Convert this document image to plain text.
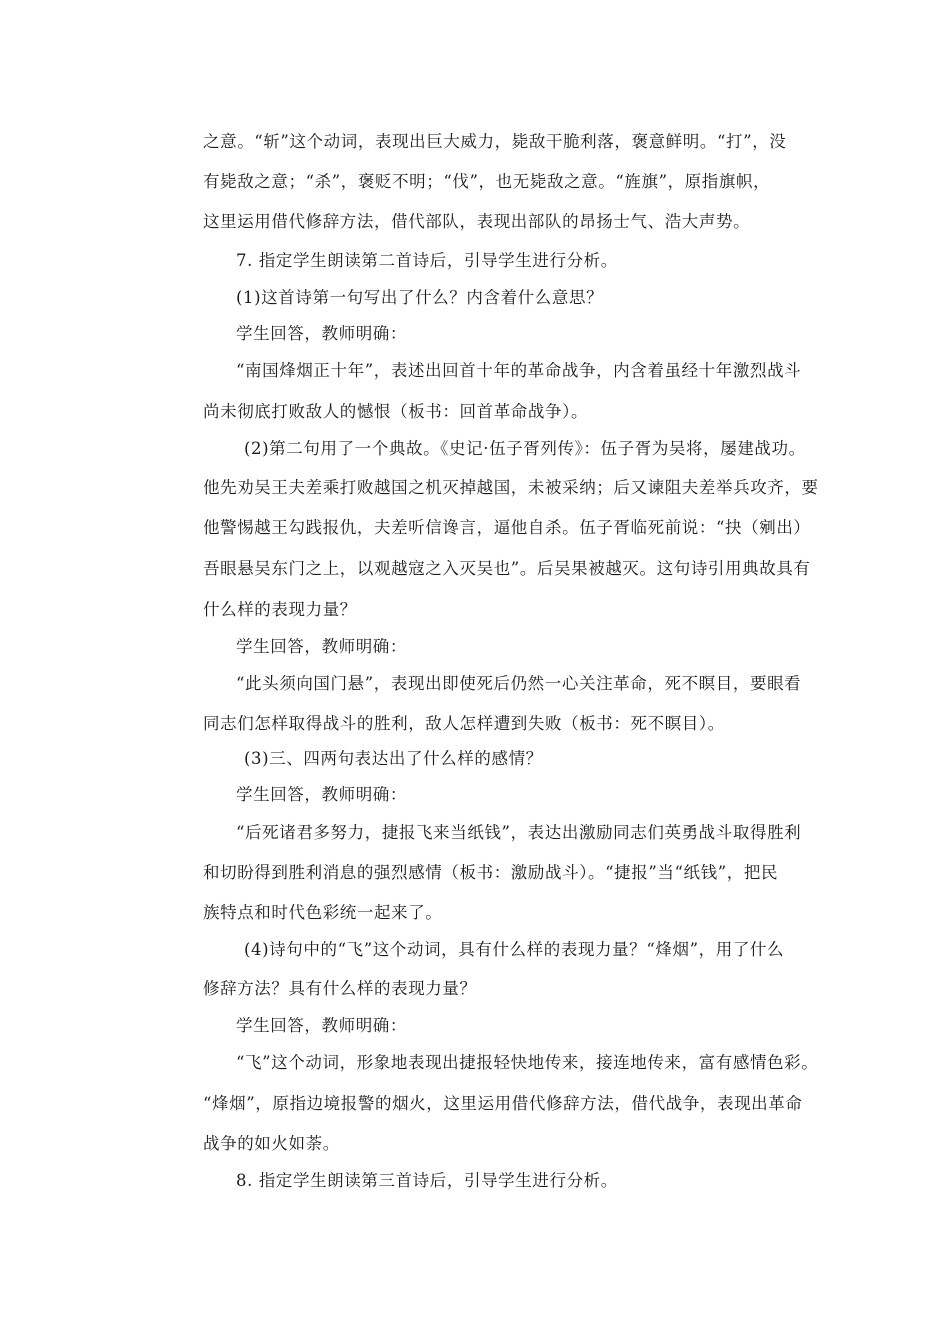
之意。“斩”这个动词，表现出巨大威力，毙敌干脆利落，褒意鲜明。“打”，没
有毙敌之意；“杀”，褒贬不明；“伐”，也无毙敌之意。“旌旗”，原指旗帜，
这里运用借代修辞方法，借代部队，表现出部队的昂扬士气、浩大声势。
7. 指定学生朗读第二首诗后，引导学生进行分析。
(1)这首诗第一句写出了什么？内含着什么意思？
学生回答，教师明确：
“南国烽烟正十年”，表述出回首十年的革命战争，内含着虽经十年激烈战斗
尚未彻底打败敌人的憾恨（板书：回首革命战争）。
(2)第二句用了一个典故。《史记·伍子胥列传》：伍子胥为吴将，屡建战功。
他先劝吴王夫差乘打败越国之机灭掉越国，未被采纳；后又谏阻夫差举兵攻齐，要
他警惕越王勾践报仇，夫差听信谗言，逼他自杀。伍子胥临死前说：“抉（剜出）
吾眼悬吴东门之上，以观越寇之入灭吴也”。后吴果被越灭。这句诗引用典故具有
什么样的表现力量？
学生回答，教师明确：
“此头须向国门悬”，表现出即使死后仍然一心关注革命，死不瞑目，要眼看
同志们怎样取得战斗的胜利，敌人怎样遭到失败（板书：死不瞑目）。
(3)三、四两句表达出了什么样的感情？
学生回答，教师明确：
“后死诸君多努力，捷报飞来当纸钱”，表达出激励同志们英勇战斗取得胜利
和切盼得到胜利消息的强烈感情（板书：激励战斗）。“捷报”当“纸钱”，把民
族特点和时代色彩统一起来了。
(4)诗句中的“飞”这个动词，具有什么样的表现力量？“烽烟”，用了什么
修辞方法？具有什么样的表现力量？
学生回答，教师明确：
“飞”这个动词，形象地表现出捷报轻快地传来，接连地传来，富有感情色彩。
“烽烟”，原指边境报警的烟火，这里运用借代修辞方法，借代战争，表现出革命
战争的如火如荼。
8. 指定学生朗读第三首诗后，引导学生进行分析。
